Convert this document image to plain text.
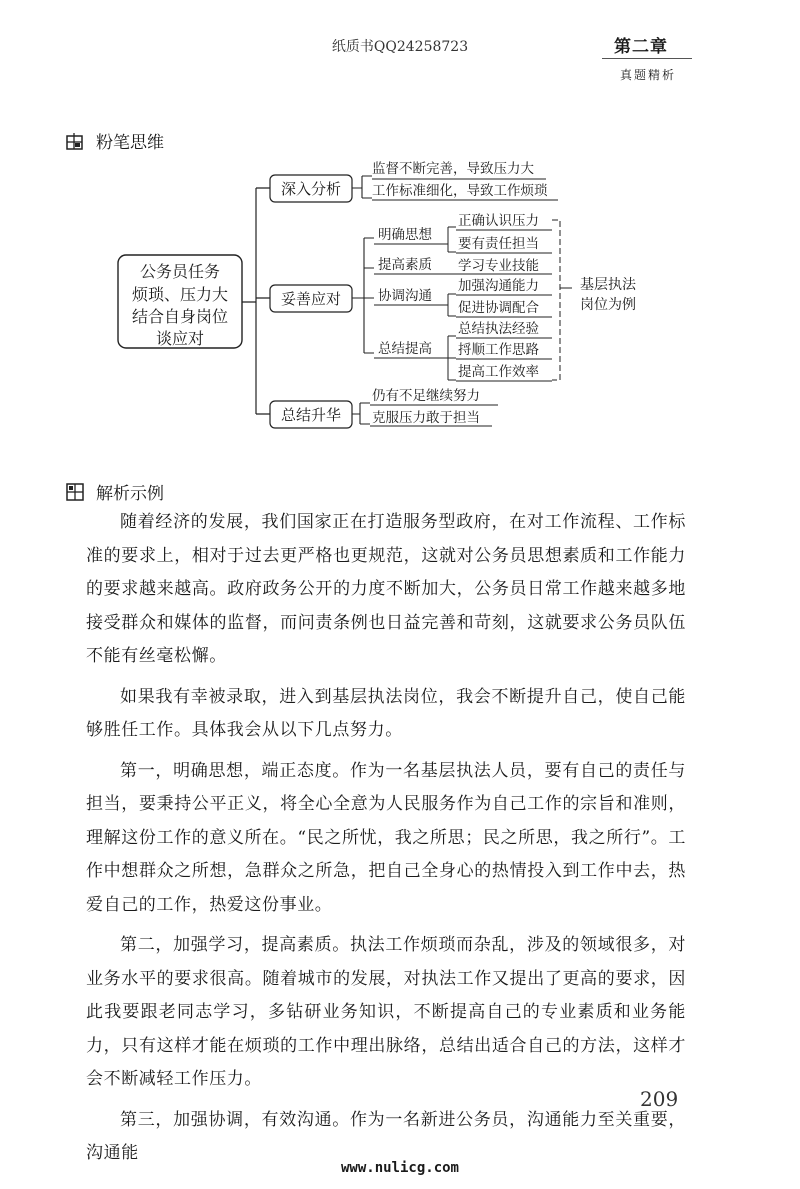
纸质书QQ24258723	第二章
真题精析
粉笔思维
公务员任务
烦琐、压力大
结合自身岗位
谈应对
深入分析
监督不断完善，导致压力大
工作标准细化，导致工作烦琐
妥善应对
明确思想
正确认识压力
要有责任担当
提高素质 学习专业技能
协调沟通
加强沟通能力
促进协调配合
总结提高
总结执法经验
捋顺工作思路
提高工作效率
基层执法
岗位为例
总结升华
仍有不足继续努力
克服压力敢于担当
解析示例

随着经济的发展，我们国家正在打造服务型政府，在对工作流程、工作标准的要求上，相对于过去更严格也更规范，这就对公务员思想素质和工作能力的要求越来越高。政府政务公开的力度不断加大，公务员日常工作越来越多地接受群众和媒体的监督，而问责条例也日益完善和苛刻，这就要求公务员队伍不能有丝毫松懈。

如果我有幸被录取，进入到基层执法岗位，我会不断提升自己，使自己能够胜任工作。具体我会从以下几点努力。

第一，明确思想，端正态度。作为一名基层执法人员，要有自己的责任与担当，要秉持公平正义，将全心全意为人民服务作为自己工作的宗旨和准则，理解这份工作的意义所在。“民之所忧，我之所思；民之所思，我之所行”。工作中想群众之所想，急群众之所急，把自己全身心的热情投入到工作中去，热爱自己的工作，热爱这份事业。

第二，加强学习，提高素质。执法工作烦琐而杂乱，涉及的领域很多，对业务水平的要求很高。随着城市的发展，对执法工作又提出了更高的要求，因此我要跟老同志学习，多钻研业务知识，不断提高自己的专业素质和业务能力，只有这样才能在烦琐的工作中理出脉络，总结出适合自己的方法，这样才会不断减轻工作压力。

第三，加强协调，有效沟通。作为一名新进公务员，沟通能力至关重要，沟通能

209
www.nulicg.com
